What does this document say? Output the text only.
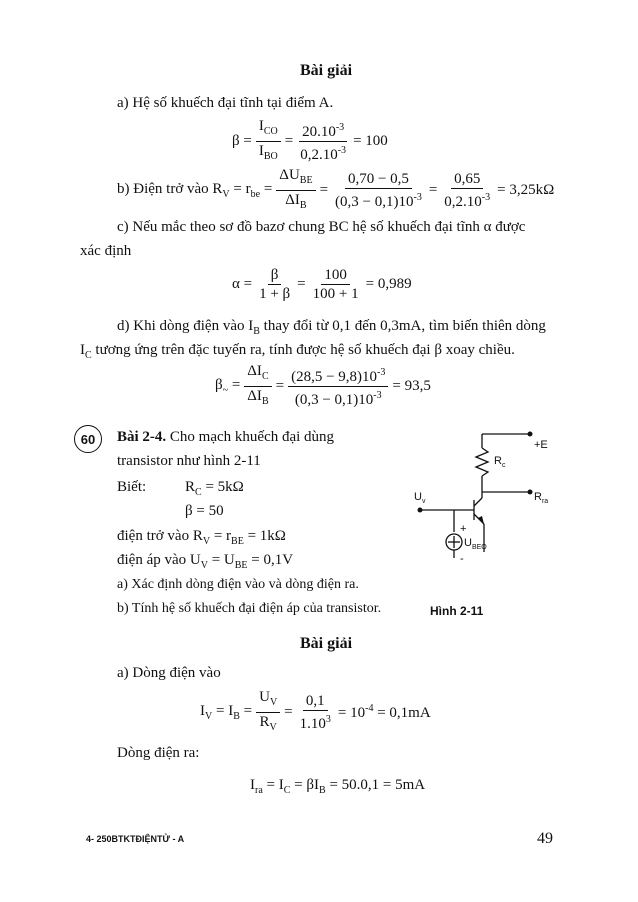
Bài giải
a) Hệ số khuếch đại tĩnh tại điểm A.
$\beta = \frac{I_{CO}}{I_{BO}} = \frac{20.10^{-3}}{0,2.10^{-3}} = 100$
b) Điện trở vào $R_V = r_{be} = \frac{\Delta U_{BE}}{\Delta I_B} = \frac{0,70 - 0,5}{(0,3 - 0,1)10^{-3}} = \frac{0,65}{0,2.10^{-3}} = 3,25k\Omega$
c) Nếu mắc theo sơ đồ bazơ chung BC hệ số khuếch đại tĩnh α được
xác định
$\alpha = \frac{\beta}{1 + \beta} = \frac{100}{100 + 1} = 0,989$
d) Khi dòng điện vào $I_B$ thay đổi từ 0,1 đến 0,3mA, tìm biến thiên dòng
$I_C$ tương ứng trên đặc tuyến ra, tính được hệ số khuếch đại β xoay chiều.
$\beta_\sim = \frac{\Delta I_C}{\Delta I_B} = \frac{(28,5 - 9,8)10^{-3}}{(0,3 - 0,1)10^{-3}} = 93,5$
60	Bài 2-4. Cho mạch khuếch đại dùng
transistor như hình 2-11
Biết:	$R_C = 5k\Omega$
β = 50
điện trở vào $R_V = r_{BE} = 1k\Omega$
điện áp vào $U_V = U_{BE} = 0,1V$
a) Xác định dòng điện vào và dòng điện ra.
b) Tính hệ số khuếch đại điện áp của transistor.
+E
$R_c$
$U_v$	$R_{ra}$
+
$U_{BEO}$
-
Hình 2-11
Bài giải
a) Dòng điện vào
$I_V = I_B = \frac{U_V}{R_V} = \frac{0,1}{1.10^3} = 10^{-4} = 0,1mA$
Dòng điện ra:
$I_{ra} = I_C = \beta I_B = 50.0,1 = 5mA$
4- 250BTKTĐIỆNTỬ - A	49
